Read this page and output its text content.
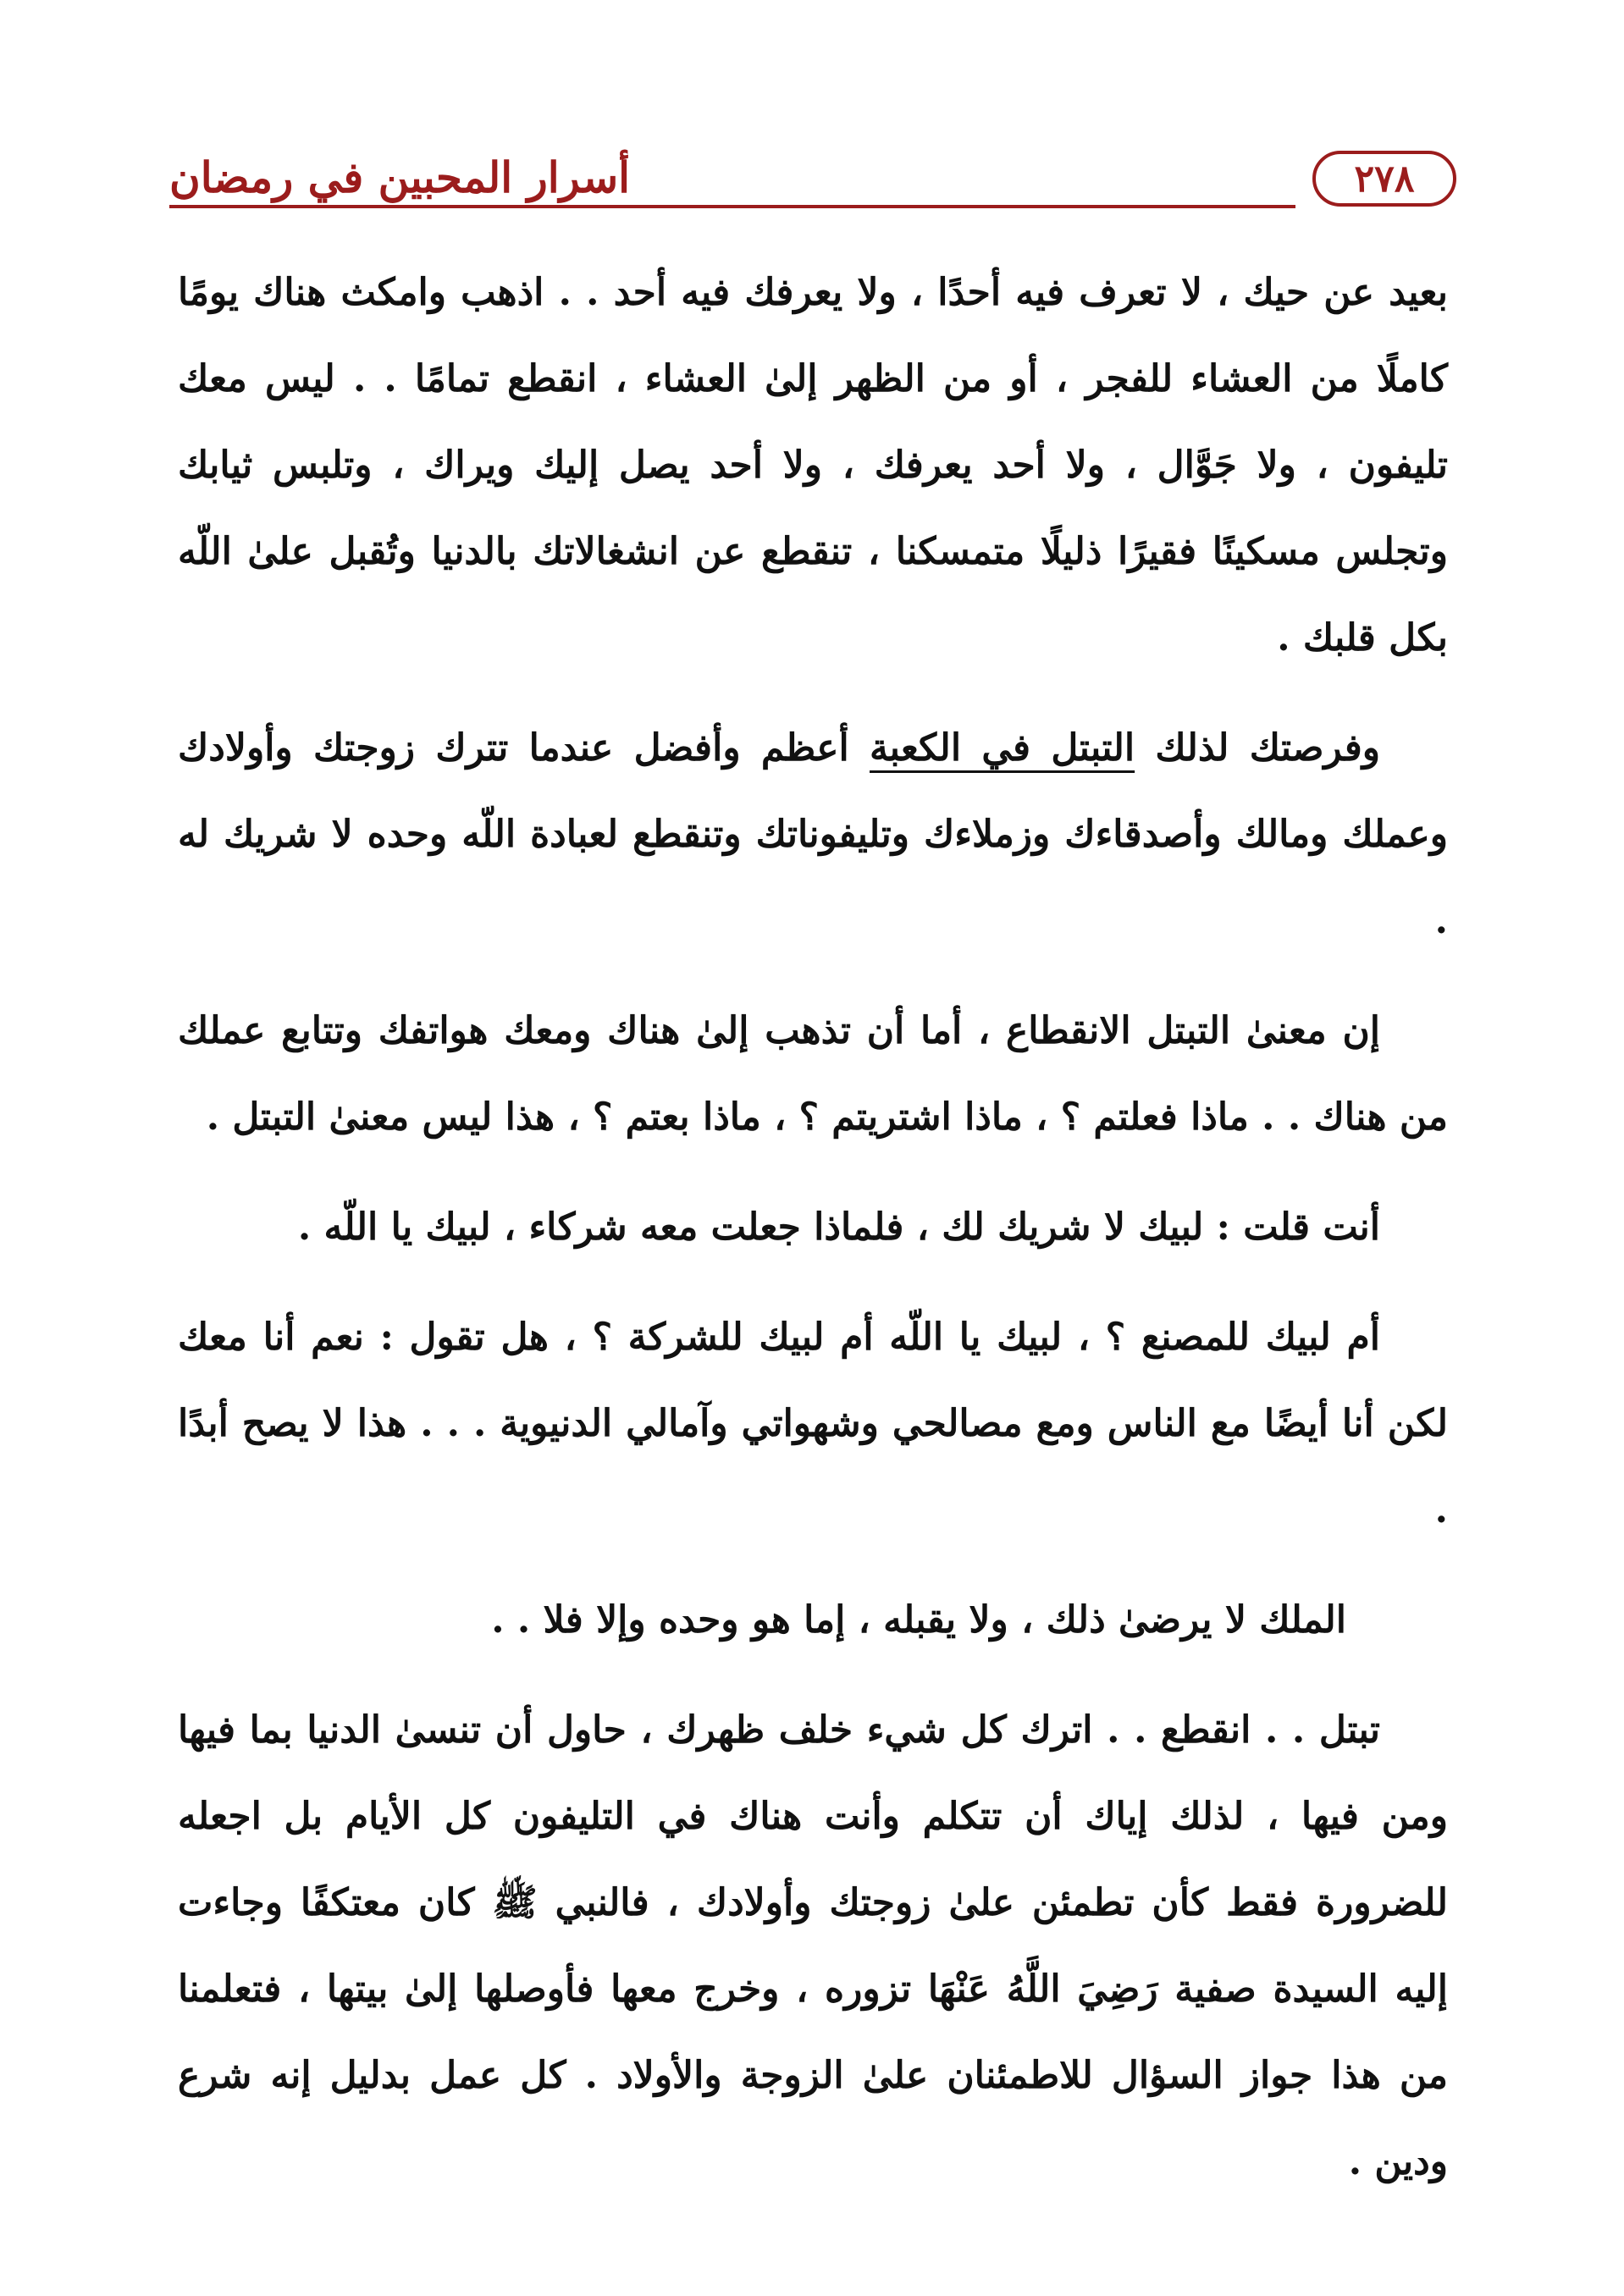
أسرار المحبين في رمضان	٢٧٨

بعيد عن حيك ، لا تعرف فيه أحدًا ، ولا يعرفك فيه أحد . . اذهب وامكث هناك يومًا كاملًا من العشاء للفجر ، أو من الظهر إلىٰ العشاء ، انقطع تمامًا . . ليس معك تليفون ، ولا جَوَّال ، ولا أحد يعرفك ، ولا أحد يصل إليك ويراك ، وتلبس ثيابك وتجلس مسكينًا فقيرًا ذليلًا متمسكنا ، تنقطع عن انشغالاتك بالدنيا وتُقبل علىٰ اللّه بكل قلبك .

وفرصتك لذلك التبتل في الكعبة أعظم وأفضل عندما تترك زوجتك وأولادك وعملك ومالك وأصدقاءك وزملاءك وتليفوناتك وتنقطع لعبادة اللّه وحده لا شريك له .

إن معنىٰ التبتل الانقطاع ، أما أن تذهب إلىٰ هناك ومعك هواتفك وتتابع عملك من هناك . . ماذا فعلتم ؟ ، ماذا اشتريتم ؟ ، ماذا بعتم ؟ ، هذا ليس معنىٰ التبتل .

أنت قلت : لبيك لا شريك لك ، فلماذا جعلت معه شركاء ، لبيك يا اللّه .

أم لبيك للمصنع ؟ ، لبيك يا اللّه أم لبيك للشركة ؟ ، هل تقول : نعم أنا معك لكن أنا أيضًا مع الناس ومع مصالحي وشهواتي وآمالي الدنيوية . . . هذا لا يصح أبدًا .

الملك لا يرضىٰ ذلك ، ولا يقبله ، إما هو وحده وإلا فلا . .

تبتل . . انقطع . . اترك كل شيء خلف ظهرك ، حاول أن تنسىٰ الدنيا بما فيها ومن فيها ، لذلك إياك أن تتكلم وأنت هناك في التليفون كل الأيام بل اجعله للضرورة فقط كأن تطمئن علىٰ زوجتك وأولادك ، فالنبي ﷺ كان معتكفًا وجاءت إليه السيدة صفية رَضِيَ اللَّهُ عَنْهَا تزوره ، وخرج معها فأوصلها إلىٰ بيتها ، فتعلمنا من هذا جواز السؤال للاطمئنان علىٰ الزوجة والأولاد . كل عمل بدليل إنه شرع ودين .
